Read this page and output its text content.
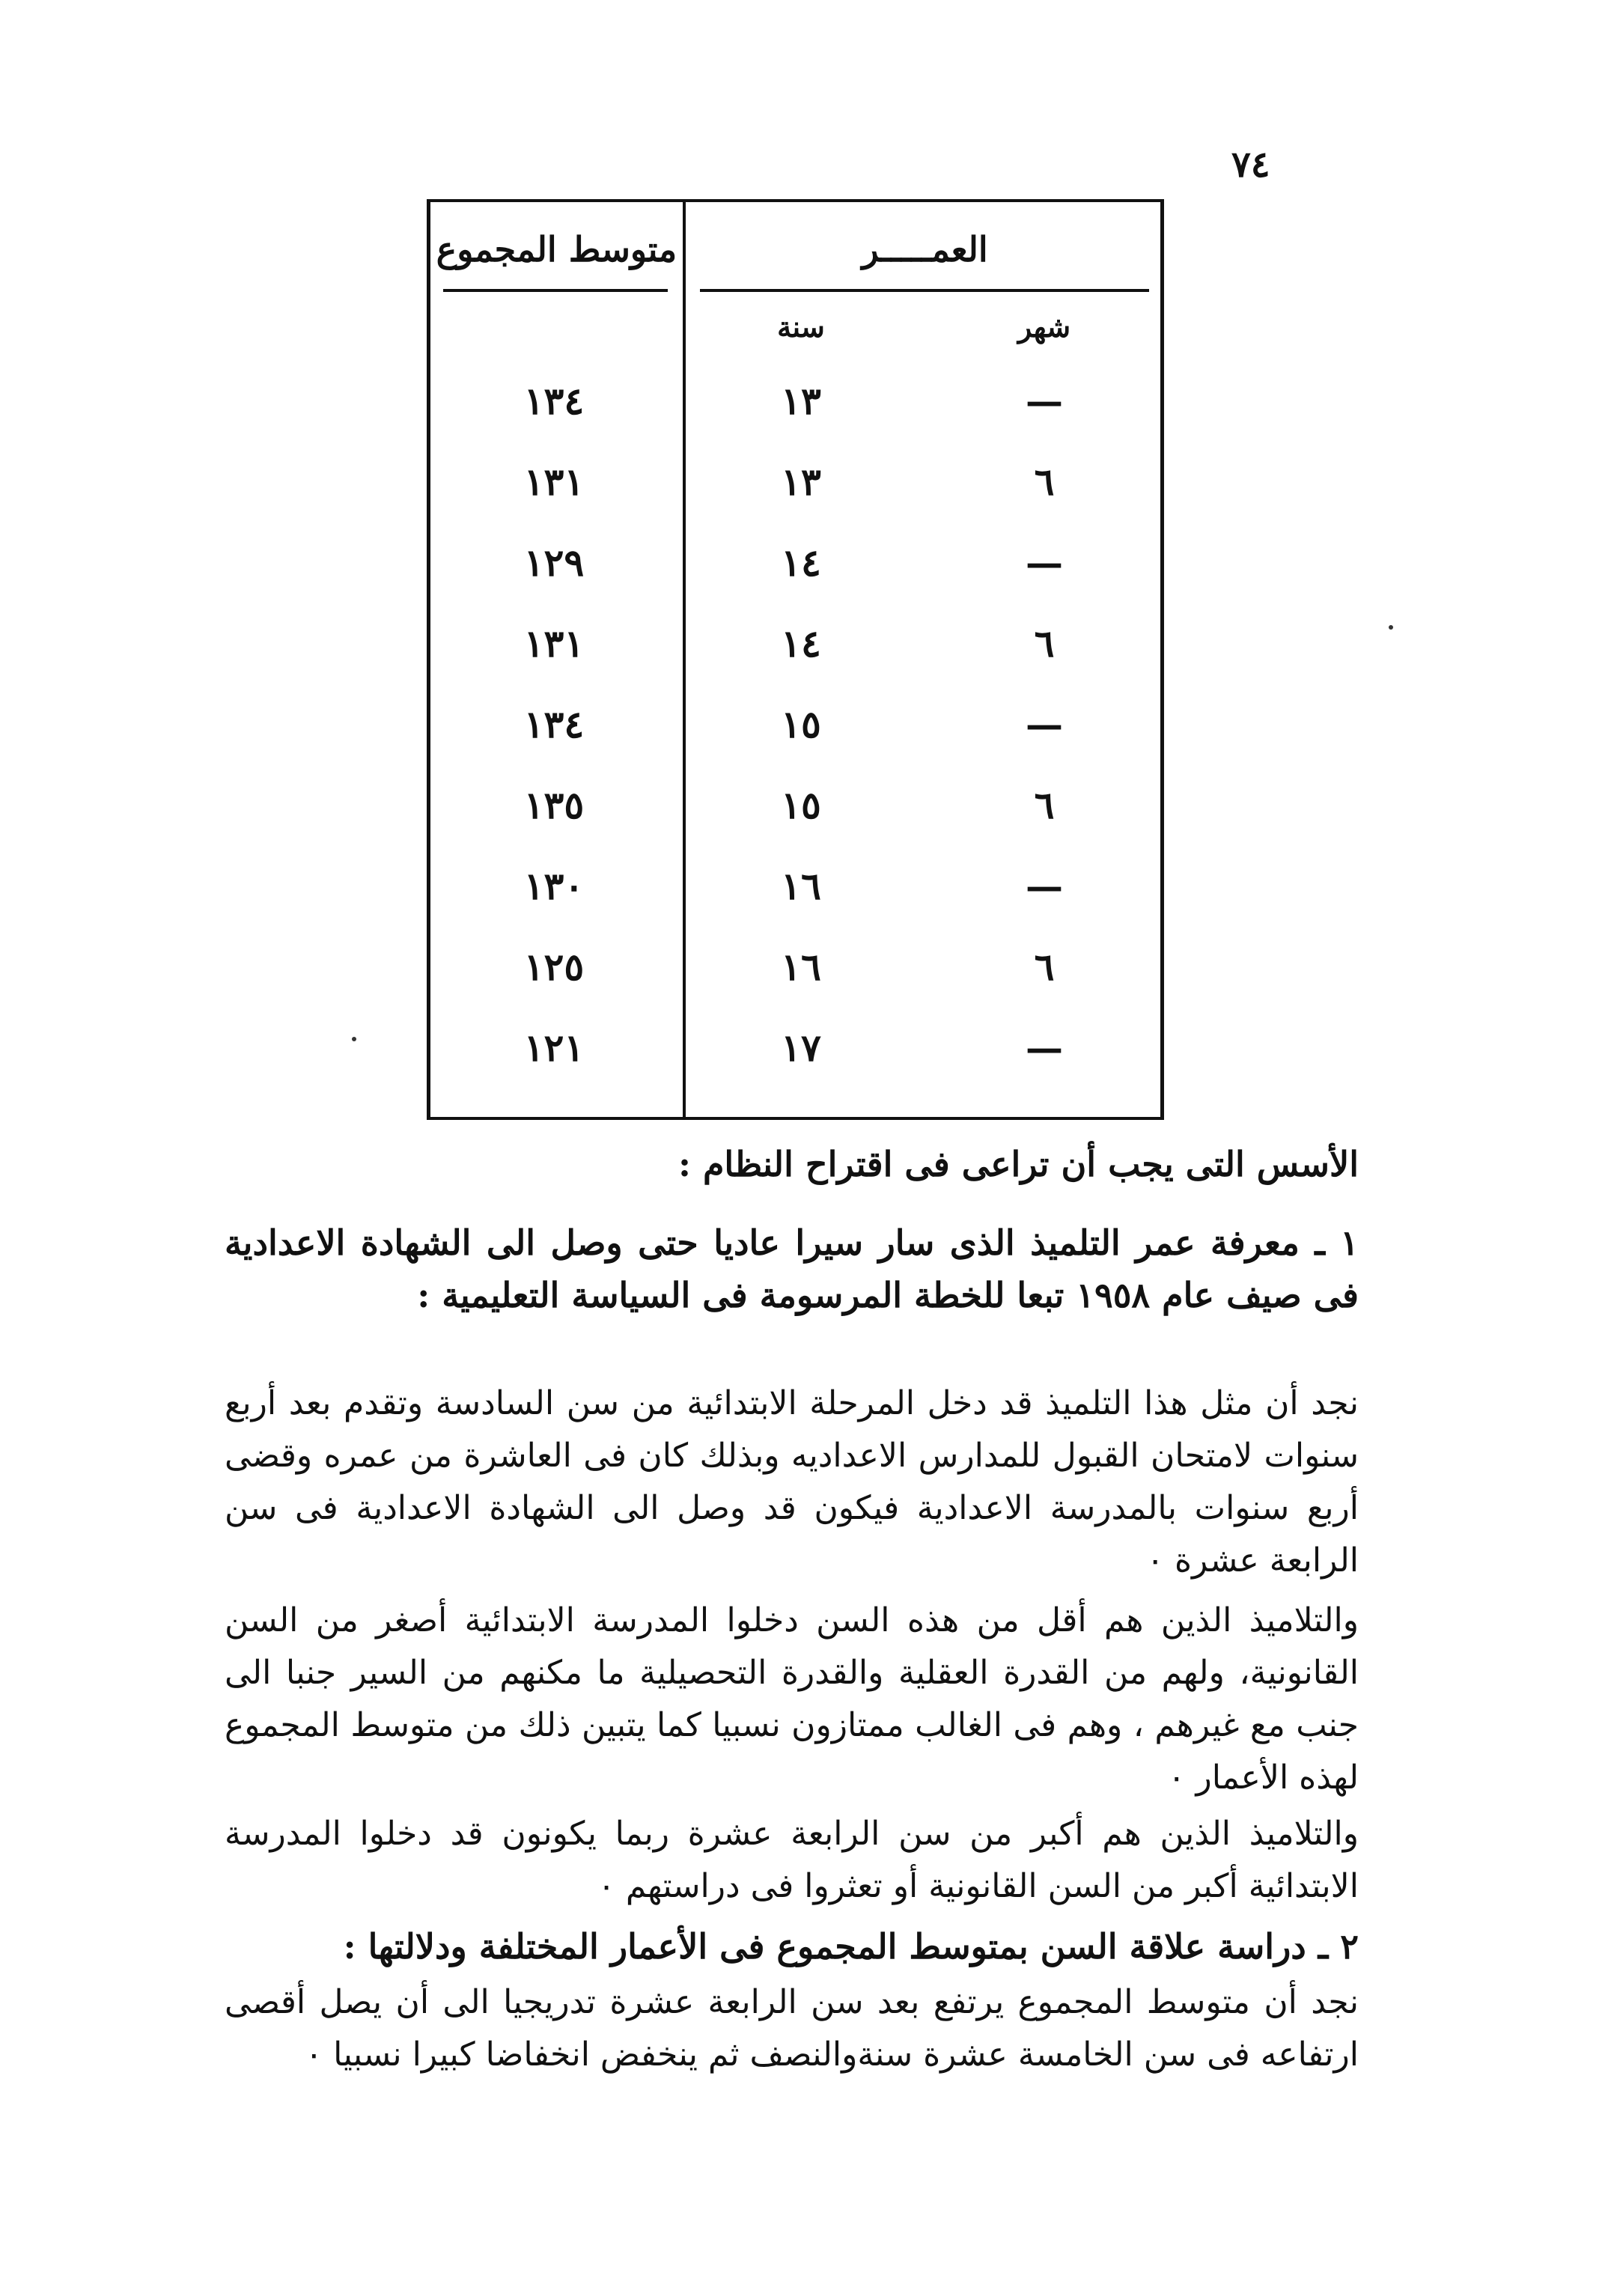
٧٤
العمـــــر
متوسط المجموع
سنة	شهر
١٣٤	١٣	—
١٣١	١٣	٦
١٢٩	١٤	—
١٣١	١٤	٦
١٣٤	١٥	—
١٣٥	١٥	٦
١٣٠	١٦	—
١٢٥	١٦	٦
١٢١	١٧	—
الأسس التى يجب أن تراعى فى اقتراح النظام :
١ ـ معرفة عمر التلميذ الذى سار سيرا عاديا حتى وصل الى الشهادة الاعدادية فى صيف عام ١٩٥٨ تبعا للخطة المرسومة فى السياسة التعليمية :
نجد أن مثل هذا التلميذ قد دخل المرحلة الابتدائية من سن السادسة وتقدم بعد أربع سنوات لامتحان القبول للمدارس الاعداديه وبذلك كان فى العاشرة من عمره وقضى أربع سنوات بالمدرسة الاعدادية فيكون قد وصل الى الشهادة الاعدادية فى سن الرابعة عشرة ٠
والتلاميذ الذين هم أقل من هذه السن دخلوا المدرسة الابتدائية أصغر من السن القانونية، ولهم من القدرة العقلية والقدرة التحصيلية ما مكنهم من السير جنبا الى جنب مع غيرهم ، وهم فى الغالب ممتازون نسبيا كما يتبين ذلك من متوسط المجموع لهذه الأعمار ٠
والتلاميذ الذين هم أكبر من سن الرابعة عشرة ربما يكونون قد دخلوا المدرسة الابتدائية أكبر من السن القانونية أو تعثروا فى دراستهم ٠
٢ ـ دراسة علاقة السن بمتوسط المجموع فى الأعمار المختلفة ودلالتها :
نجد أن متوسط المجموع يرتفع بعد سن الرابعة عشرة تدريجيا الى أن يصل أقصى ارتفاعه فى سن الخامسة عشرة سنةوالنصف ثم ينخفض انخفاضا كبيرا نسبيا ٠
